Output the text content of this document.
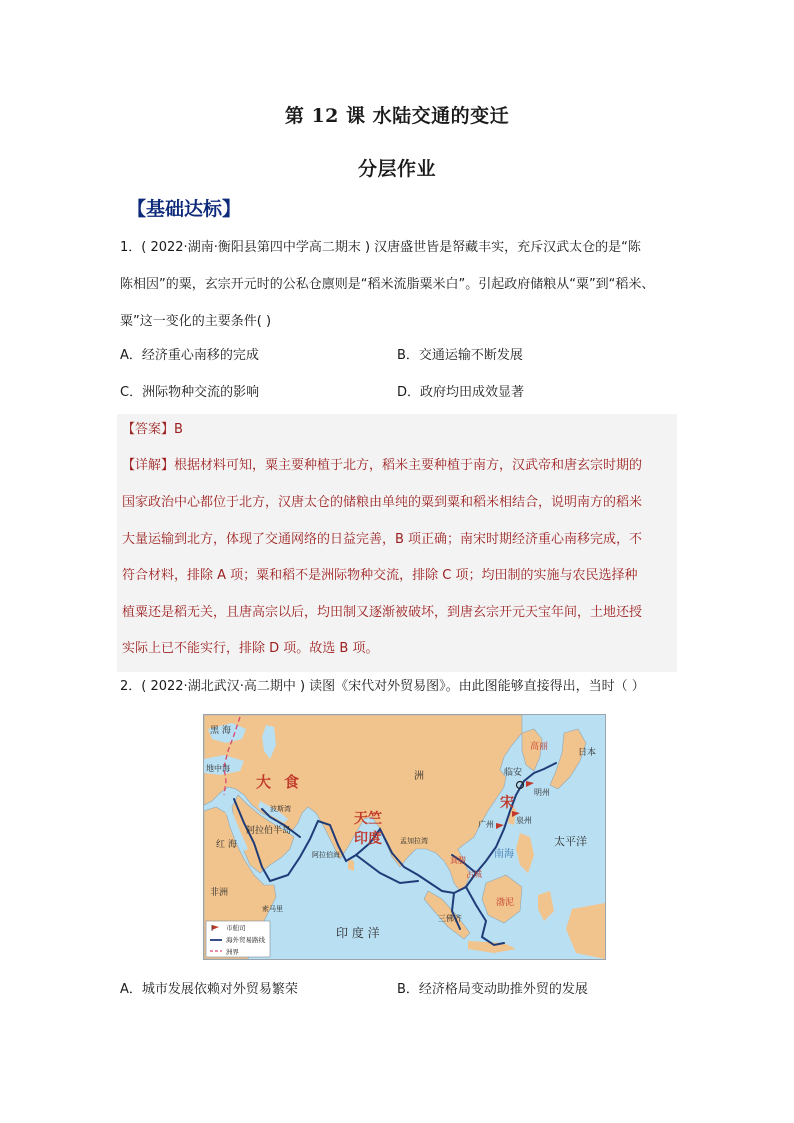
第 12 课 水陆交通的变迁
分层作业
【基础达标】
1．( 2022·湖南·衡阳县第四中学高二期末 ) 汉唐盛世皆是帑藏丰实，充斥汉武太仓的是“陈
陈相因”的粟，玄宗开元时的公私仓廪则是“稻米流脂粟米白”。引起政府储粮从“粟”到“稻米、
粟”这一变化的主要条件( )
A．经济重心南移的完成	B．交通运输不断发展
C．洲际物种交流的影响	D．政府均田成效显著
【答案】B
【详解】根据材料可知，粟主要种植于北方，稻米主要种植于南方，汉武帝和唐玄宗时期的
国家政治中心都位于北方，汉唐太仓的储粮由单纯的粟到粟和稻米相结合，说明南方的稻米
大量运输到北方，体现了交通网络的日益完善，B 项正确；南宋时期经济重心南移完成，不
符合材料，排除 A 项；粟和稻不是洲际物种交流，排除 C 项；均田制的实施与农民选择种
植粟还是稻无关，且唐高宗以后，均田制又逐渐被破坏，到唐玄宗开元天宝年间，土地还授
实际上已不能实行，排除 D 项。故选 B 项。
2．( 2022·湖北武汉·高二期中 ) 读图《宋代对外贸易图》。由此图能够直接得出，当时（ ）
黑 海
地中海
大 食
天竺
印度
阿拉伯半岛
波斯湾
红 海
非洲
索马里
阿拉伯海
孟加拉湾
印 度 洋
洲	临安
明州
宋
泉州
广州
南海
太平洋
高丽
日本
占城
真腊
三佛齐
渤泥
市舶司
海外贸易路线
洲界
A．城市发展依赖对外贸易繁荣	B．经济格局变动助推外贸的发展
